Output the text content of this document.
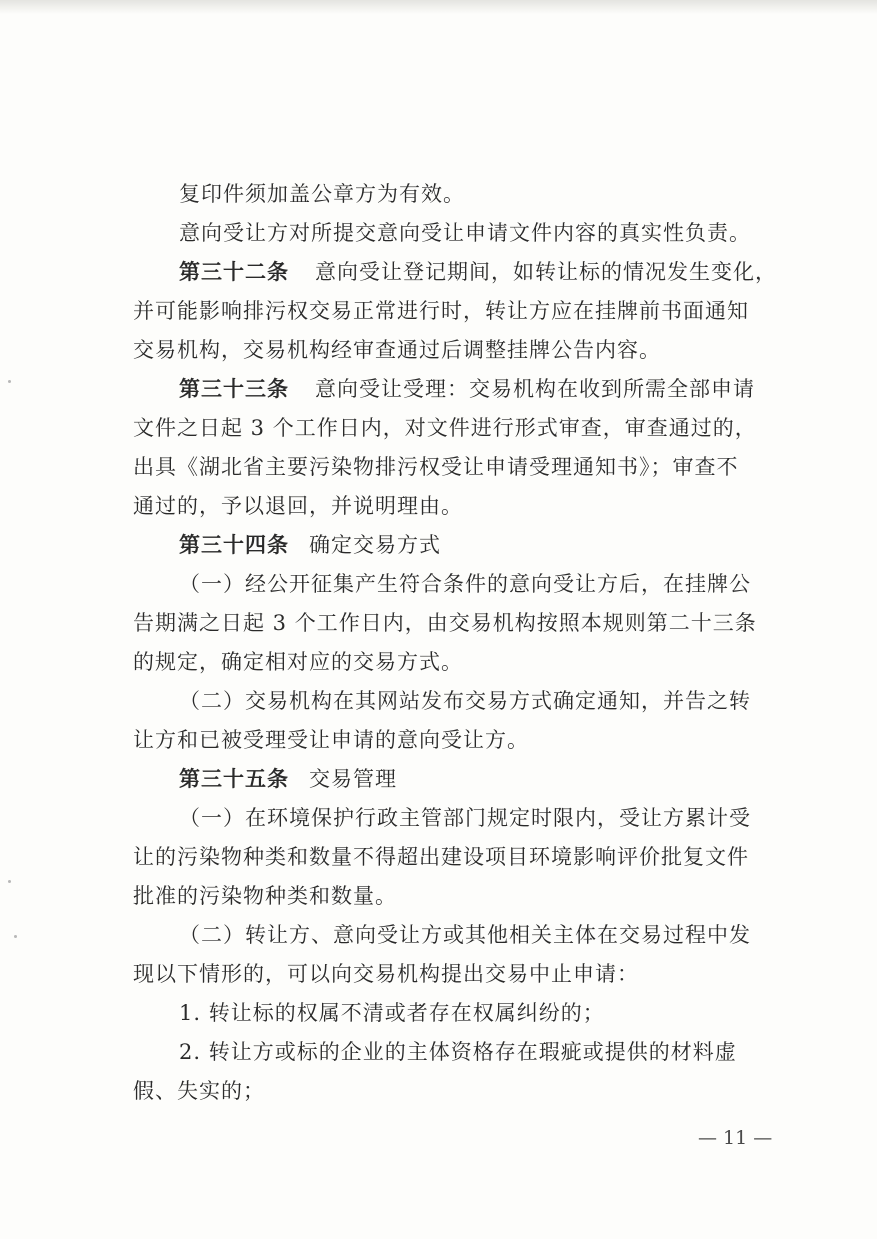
复印件须加盖公章方为有效。
意向受让方对所提交意向受让申请文件内容的真实性负责。
第三十二条 意向受让登记期间，如转让标的情况发生变化，
并可能影响排污权交易正常进行时，转让方应在挂牌前书面通知
交易机构，交易机构经审查通过后调整挂牌公告内容。
第三十三条 意向受让受理：交易机构在收到所需全部申请
文件之日起 3 个工作日内，对文件进行形式审查，审查通过的，
出具《湖北省主要污染物排污权受让申请受理通知书》；审查不
通过的，予以退回，并说明理由。
第三十四条 确定交易方式
（一）经公开征集产生符合条件的意向受让方后，在挂牌公
告期满之日起 3 个工作日内，由交易机构按照本规则第二十三条
的规定，确定相对应的交易方式。
（二）交易机构在其网站发布交易方式确定通知，并告之转
让方和已被受理受让申请的意向受让方。
第三十五条 交易管理
（一）在环境保护行政主管部门规定时限内，受让方累计受
让的污染物种类和数量不得超出建设项目环境影响评价批复文件
批准的污染物种类和数量。
（二）转让方、意向受让方或其他相关主体在交易过程中发
现以下情形的，可以向交易机构提出交易中止申请：
1. 转让标的权属不清或者存在权属纠纷的；
2. 转让方或标的企业的主体资格存在瑕疵或提供的材料虚
假、失实的；
— 11 —
